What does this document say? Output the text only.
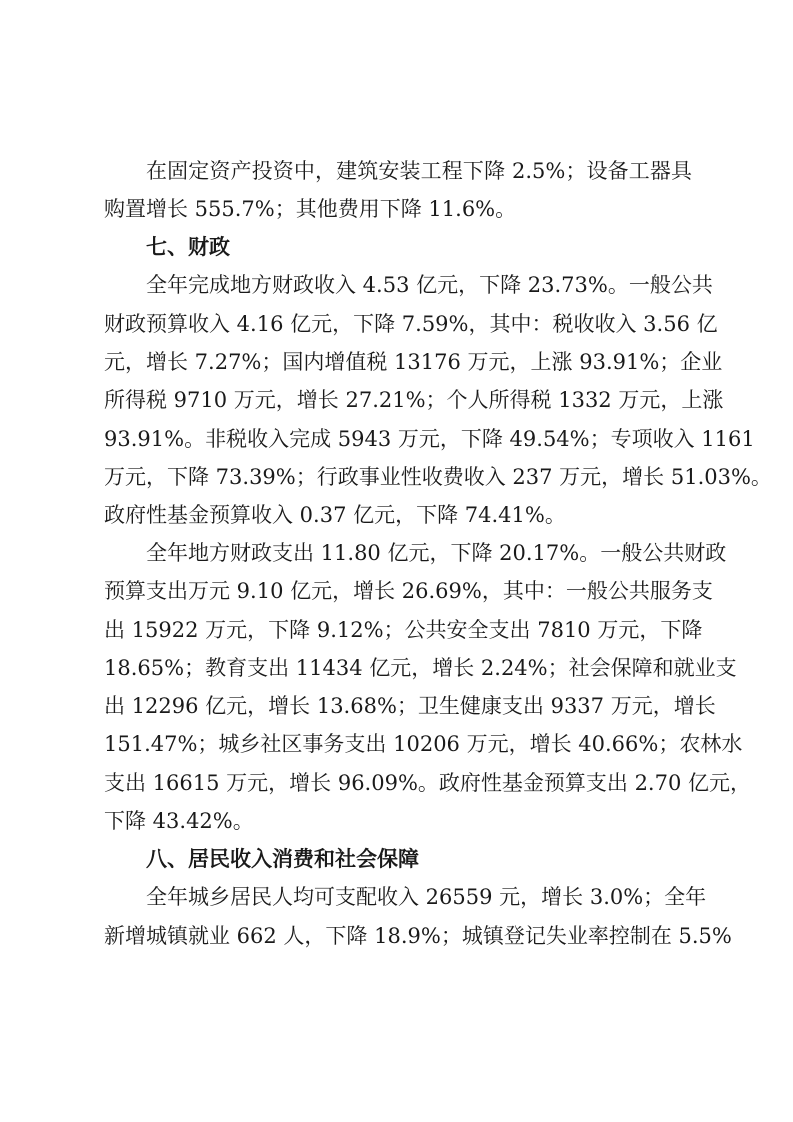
在固定资产投资中，建筑安装工程下降 2.5%；设备工器具
购置增长 555.7%；其他费用下降 11.6%。
七、财政
全年完成地方财政收入 4.53 亿元，下降 23.73%。一般公共
财政预算收入 4.16 亿元，下降 7.59%，其中：税收收入 3.56 亿
元，增长 7.27%；国内增值税 13176 万元，上涨 93.91%；企业
所得税 9710 万元，增长 27.21%；个人所得税 1332 万元，上涨
93.91%。非税收入完成 5943 万元，下降 49.54%；专项收入 1161
万元，下降 73.39%；行政事业性收费收入 237 万元，增长 51.03%。
政府性基金预算收入 0.37 亿元，下降 74.41%。
全年地方财政支出 11.80 亿元，下降 20.17%。一般公共财政
预算支出万元 9.10 亿元，增长 26.69%，其中：一般公共服务支
出 15922 万元，下降 9.12%；公共安全支出 7810 万元，下降
18.65%；教育支出 11434 亿元，增长 2.24%；社会保障和就业支
出 12296 亿元，增长 13.68%；卫生健康支出 9337 万元，增长
151.47%；城乡社区事务支出 10206 万元，增长 40.66%；农林水
支出 16615 万元，增长 96.09%。政府性基金预算支出 2.70 亿元，
下降 43.42%。
八、居民收入消费和社会保障
全年城乡居民人均可支配收入 26559 元，增长 3.0%；全年
新增城镇就业 662 人，下降 18.9%；城镇登记失业率控制在 5.5%
